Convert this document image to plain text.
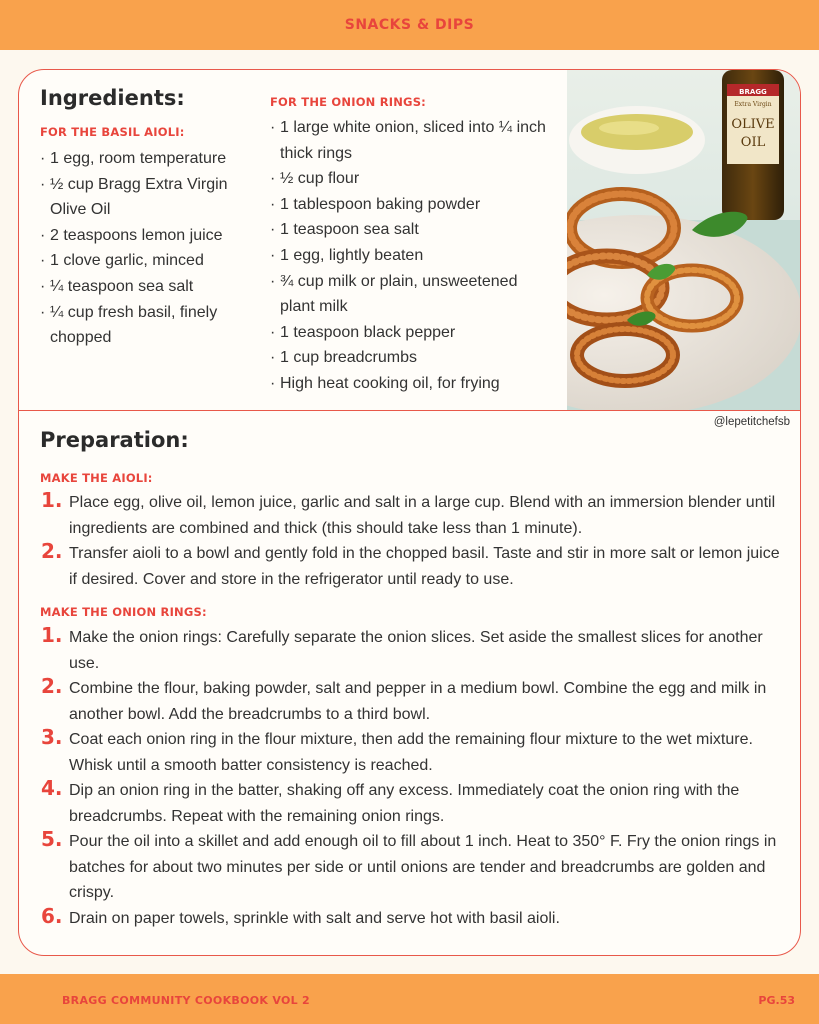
SNACKS & DIPS
Ingredients:
FOR THE BASIL AIOLI:
· 1 egg, room temperature
· ½ cup Bragg Extra Virgin Olive Oil
· 2 teaspoons lemon juice
· 1 clove garlic, minced
· ¼ teaspoon sea salt
· ¼ cup fresh basil, finely chopped
FOR THE ONION RINGS:
· 1 large white onion, sliced into ¼ inch thick rings
· ½ cup flour
· 1 tablespoon baking powder
· 1 teaspoon sea salt
· 1 egg, lightly beaten
· ¾ cup milk or plain, unsweetened plant milk
· 1 teaspoon black pepper
· 1 cup breadcrumbs
· High heat cooking oil, for frying
BRAGG
Extra Virgin
OLIVE
OIL
@lepetitchefsb
Preparation:
MAKE THE AIOLI:
1. Place egg, olive oil, lemon juice, garlic and salt in a large cup. Blend with an immersion blender until ingredients are combined and thick (this should take less than 1 minute).
2. Transfer aioli to a bowl and gently fold in the chopped basil. Taste and stir in more salt or lemon juice if desired. Cover and store in the refrigerator until ready to use.
MAKE THE ONION RINGS:
1. Make the onion rings: Carefully separate the onion slices. Set aside the smallest slices for another use.
2. Combine the flour, baking powder, salt and pepper in a medium bowl. Combine the egg and milk in another bowl. Add the breadcrumbs to a third bowl.
3. Coat each onion ring in the flour mixture, then add the remaining flour mixture to the wet mixture. Whisk until a smooth batter consistency is reached.
4. Dip an onion ring in the batter, shaking off any excess. Immediately coat the onion ring with the breadcrumbs. Repeat with the remaining onion rings.
5. Pour the oil into a skillet and add enough oil to fill about 1 inch. Heat to 350° F. Fry the onion rings in batches for about two minutes per side or until onions are tender and breadcrumbs are golden and crispy.
6. Drain on paper towels, sprinkle with salt and serve hot with basil aioli.
BRAGG COMMUNITY COOKBOOK VOL 2	PG.53
